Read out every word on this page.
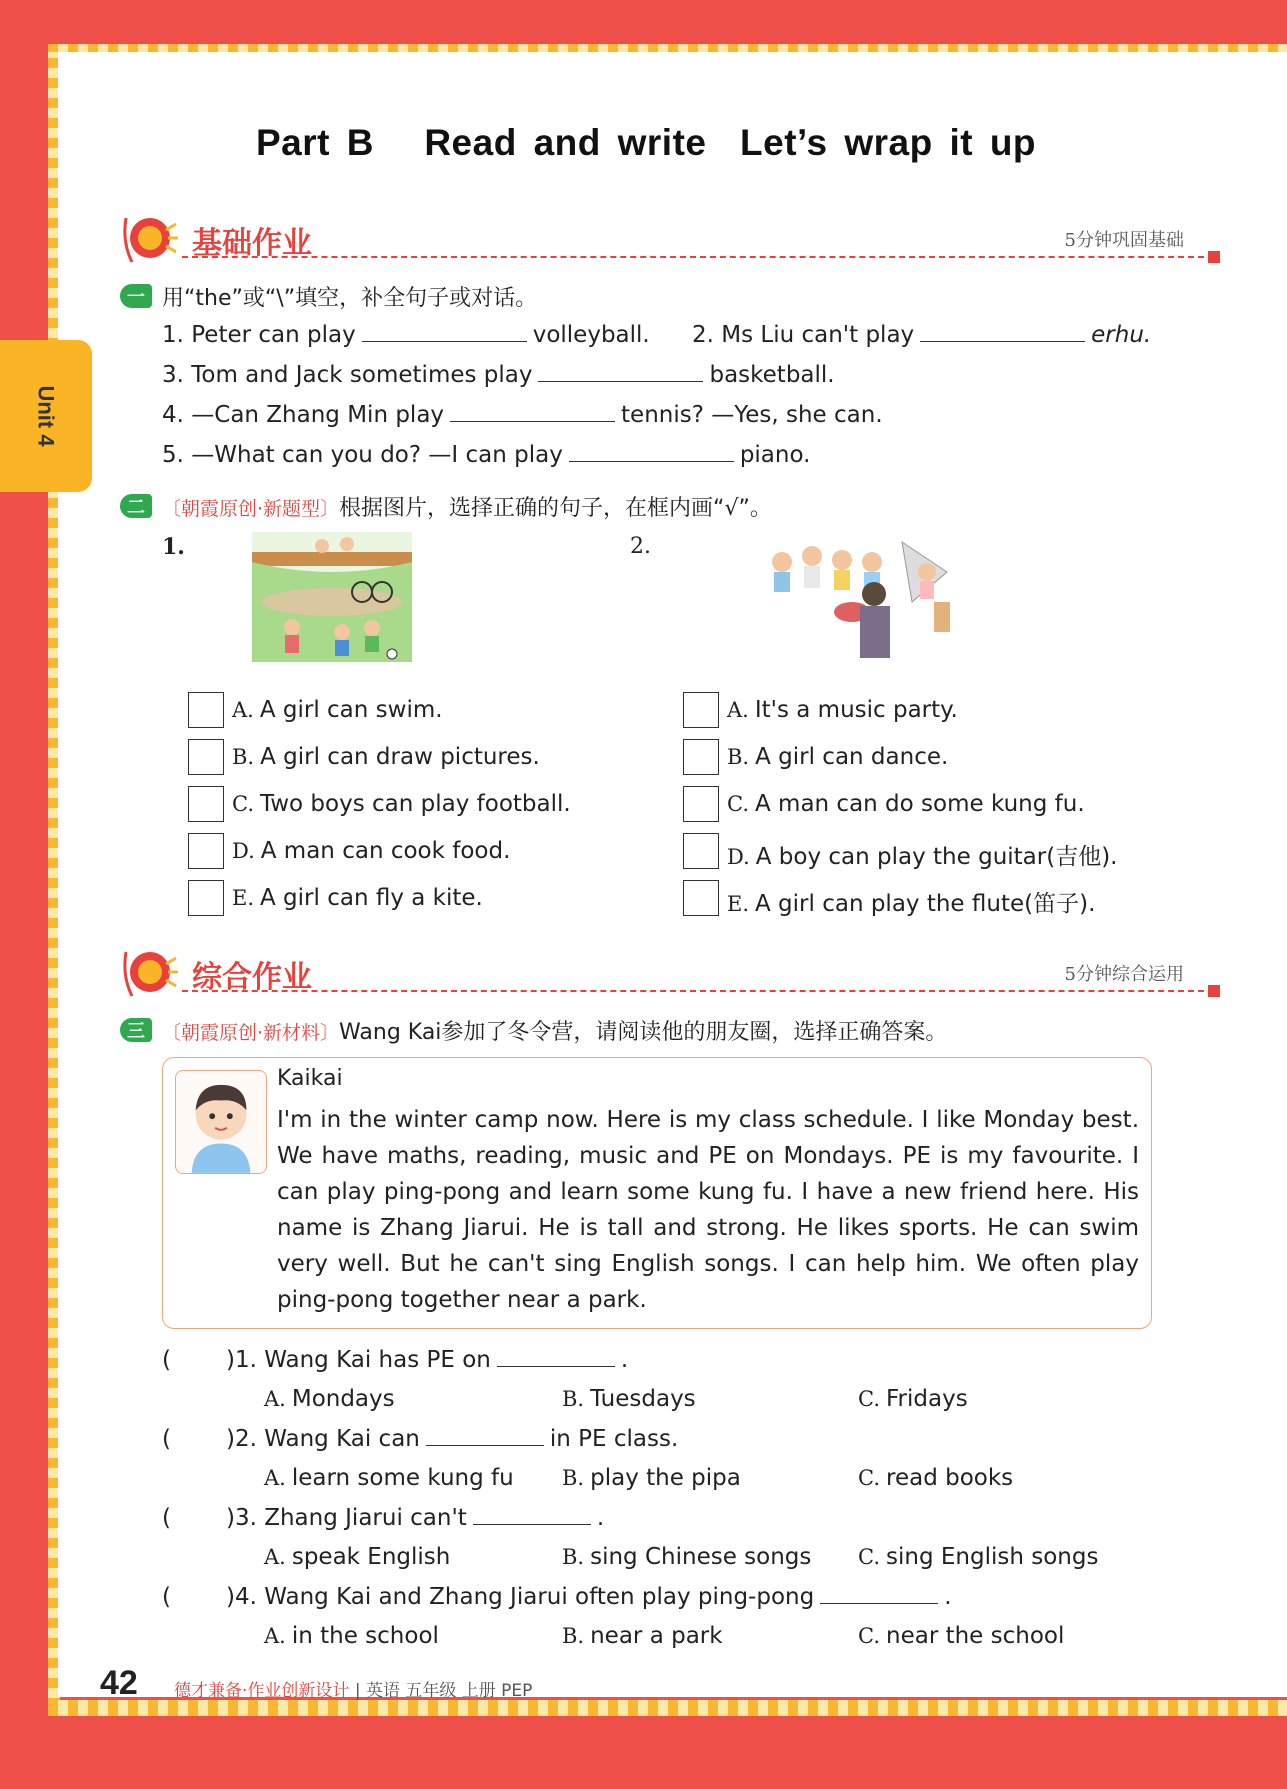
Unit 4
Part B   Read and write  Let’s wrap it up
基础作业	5分钟巩固基础
一 用“the”或“\”填空，补全句子或对话。
1. Peter can play	volleyball. 2. Ms Liu can't play	erhu.
3. Tom and Jack sometimes play	basketball.
4. —Can Zhang Min play	tennis? —Yes, she can.
5. —What can you do? —I can play	piano.
二 〔朝霞原创·新题型〕根据图片，选择正确的句子，在框内画“√”。
1.	2.
A. A girl can swim.
B. A girl can draw pictures.
C. Two boys can play football.
D. A man can cook food.
E. A girl can fly a kite.
A. It's a music party.
B. A girl can dance.
C. A man can do some kung fu.
D. A boy can play the guitar(吉他).
E. A girl can play the flute(笛子).
综合作业	5分钟综合运用
三 〔朝霞原创·新材料〕Wang Kai参加了冬令营，请阅读他的朋友圈，选择正确答案。
Kaikai
I'm in the winter camp now. Here is my class schedule. I like Monday best. We have maths, reading, music and PE on Mondays. PE is my favourite. I can play ping-pong and learn some kung fu. I have a new friend here. His name is Zhang Jiarui. He is tall and strong. He likes sports. He can swim very well. But he can't sing English songs. I can help him. We often play ping-pong together near a park.
( )1. Wang Kai has PE on	.
A. Mondays	B. Tuesdays	C. Fridays
( )2. Wang Kai can	in PE class.
A. learn some kung fu B. play the pipa	C. read books
( )3. Zhang Jiarui can't	.
A. speak English	B. sing Chinese songs C. sing English songs
( )4. Wang Kai and Zhang Jiarui often play ping-pong	.
A. in the school	B. near a park	C. near the school
42 德才兼备·作业创新设计 | 英语 五年级 上册 PEP
